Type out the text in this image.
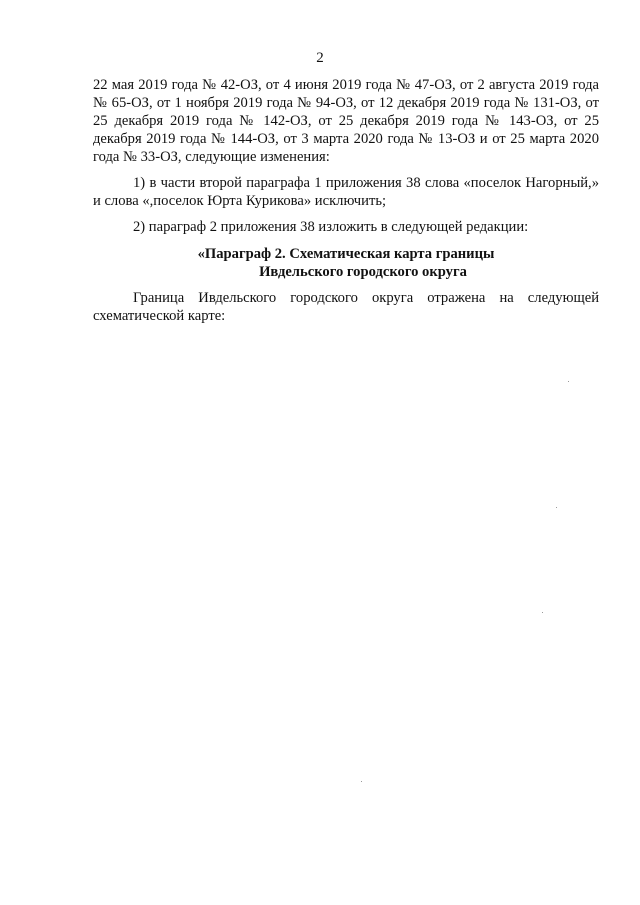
2

22 мая 2019 года № 42-ОЗ, от 4 июня 2019 года № 47-ОЗ, от 2 августа 2019 года № 65-ОЗ, от 1 ноября 2019 года № 94-ОЗ, от 12 декабря 2019 года № 131-ОЗ, от 25 декабря 2019 года № 142-ОЗ, от 25 декабря 2019 года № 143-ОЗ, от 25 декабря 2019 года № 144-ОЗ, от 3 марта 2020 года № 13-ОЗ и от 25 марта 2020 года № 33-ОЗ, следующие изменения:

1) в части второй параграфа 1 приложения 38 слова «поселок Нагорный,» и слова «,поселок Юрта Курикова» исключить;

2) параграф 2 приложения 38 изложить в следующей редакции:

«Параграф 2. Схематическая карта границы
Ивдельского городского округа

Граница Ивдельского городского округа отражена на следующей схематической карте:
